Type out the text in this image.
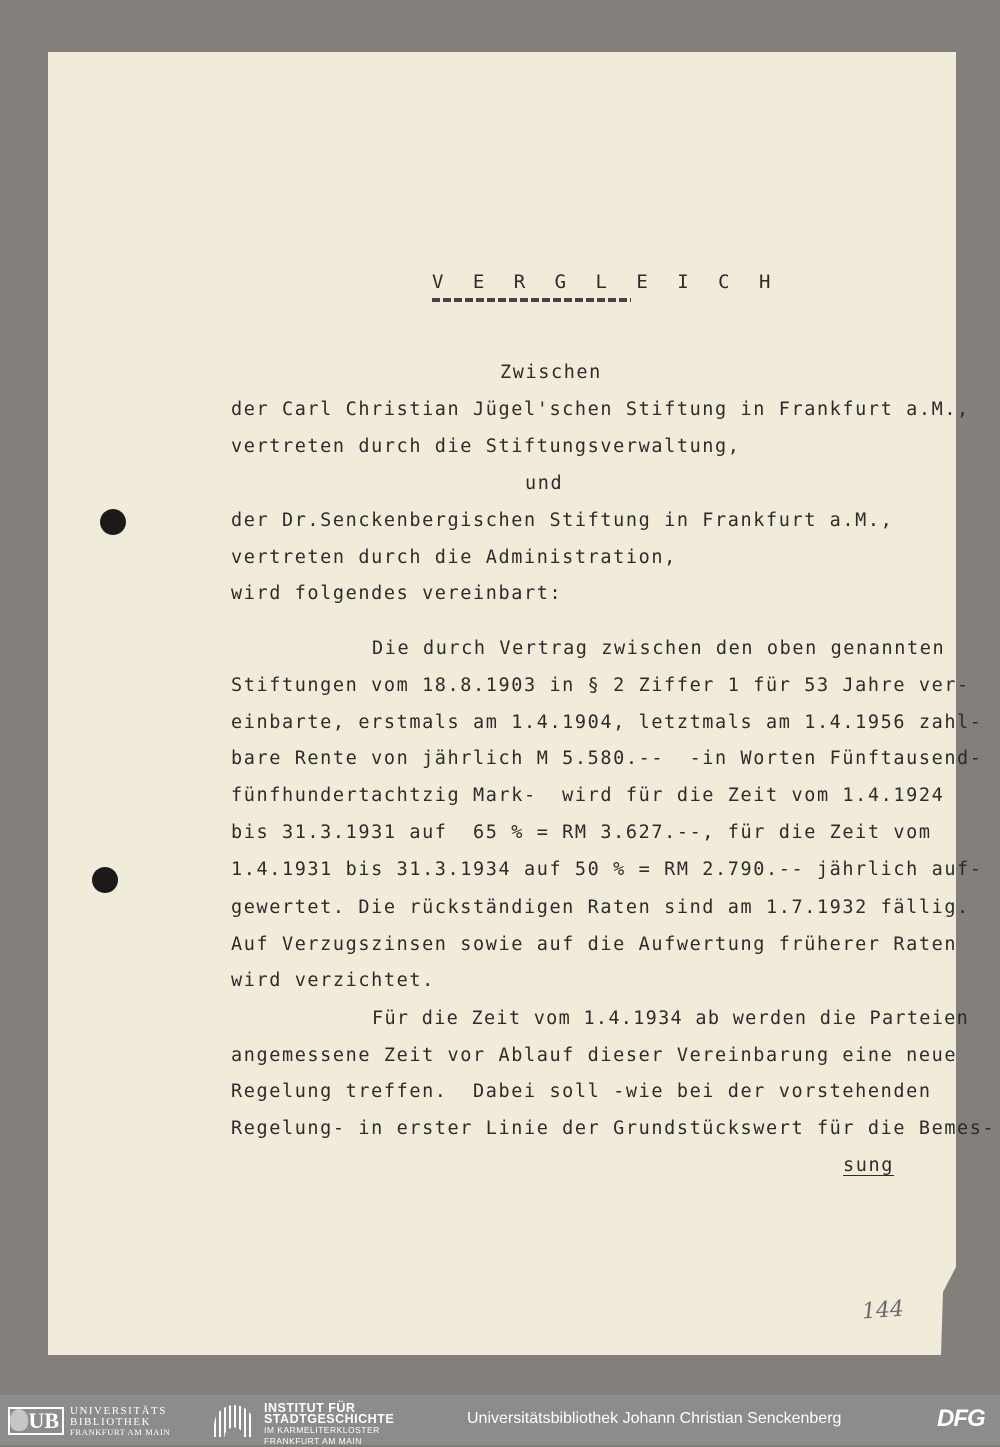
V E R G L E I C H
Zwischen
der Carl Christian Jügel'schen Stiftung in Frankfurt a.M.,
vertreten durch die Stiftungsverwaltung,
und
der Dr.Senckenbergischen Stiftung in Frankfurt a.M.,
vertreten durch die Administration,
wird folgendes vereinbart:
Die durch Vertrag zwischen den oben genannten
Stiftungen vom 18.8.1903 in § 2 Ziffer 1 für 53 Jahre ver-
einbarte, erstmals am 1.4.1904, letztmals am 1.4.1956 zahl-
bare Rente von jährlich M 5.580.--  -in Worten Fünftausend-
fünfhundertachtzig Mark-  wird für die Zeit vom 1.4.1924
bis 31.3.1931 auf  65 % = RM 3.627.--, für die Zeit vom
1.4.1931 bis 31.3.1934 auf 50 % = RM 2.790.-- jährlich auf-
gewertet. Die rückständigen Raten sind am 1.7.1932 fällig.
Auf Verzugszinsen sowie auf die Aufwertung früherer Raten
wird verzichtet.
Für die Zeit vom 1.4.1934 ab werden die Parteien
angemessene Zeit vor Ablauf dieser Vereinbarung eine neue
Regelung treffen.  Dabei soll -wie bei der vorstehenden
Regelung- in erster Linie der Grundstückswert für die Bemes-
sung
144
UB	UNIVERSITÄTS
BIBLIOTHEK
FRANKFURT AM MAIN
INSTITUT FÜR
STADTGESCHICHTE
IM KARMELITERKLOSTER
FRANKFURT AM MAIN
Universitätsbibliothek Johann Christian Senckenberg	DFG
